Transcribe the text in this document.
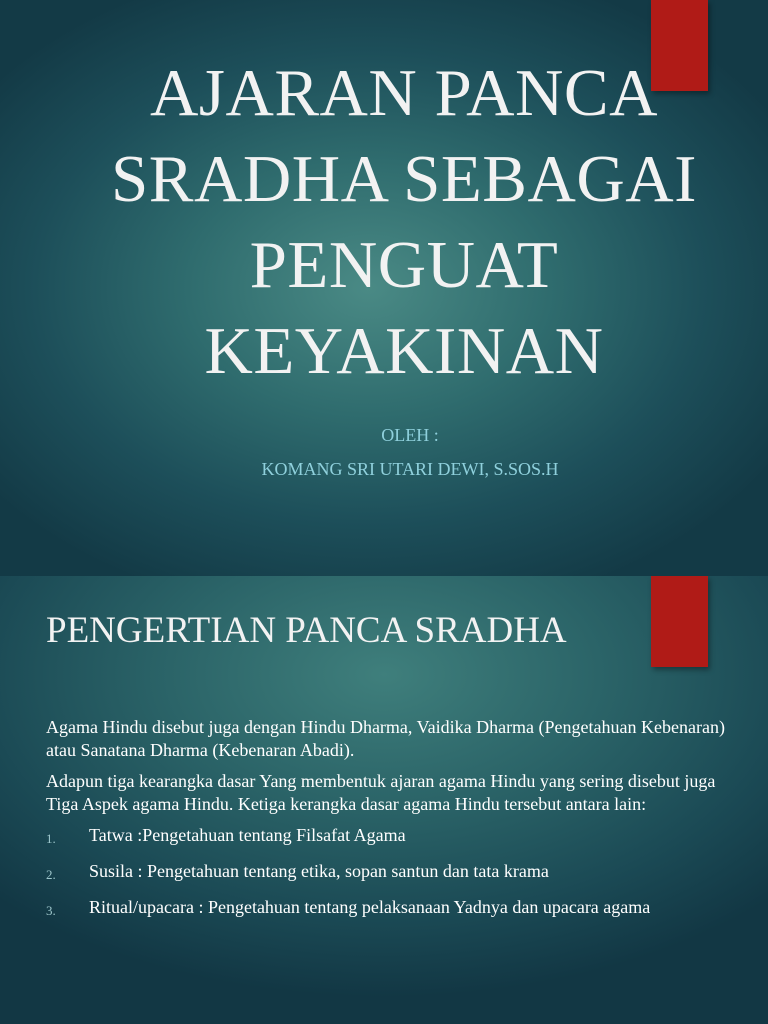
AJARAN PANCA
SRADHA SEBAGAI
PENGUAT
KEYAKINAN
OLEH :
KOMANG SRI UTARI DEWI, S.SOS.H
PENGERTIAN PANCA SRADHA

Agama Hindu disebut juga dengan Hindu Dharma, Vaidika Dharma (Pengetahuan Kebenaran) atau Sanatana Dharma (Kebenaran Abadi).

Adapun tiga kearangka dasar Yang membentuk ajaran agama Hindu yang sering disebut juga Tiga Aspek agama Hindu. Ketiga kerangka dasar agama Hindu tersebut antara lain:

1. Tatwa :Pengetahuan tentang Filsafat Agama
2. Susila : Pengetahuan tentang etika, sopan santun dan tata krama
3. Ritual/upacara : Pengetahuan tentang pelaksanaan Yadnya dan upacara agama
